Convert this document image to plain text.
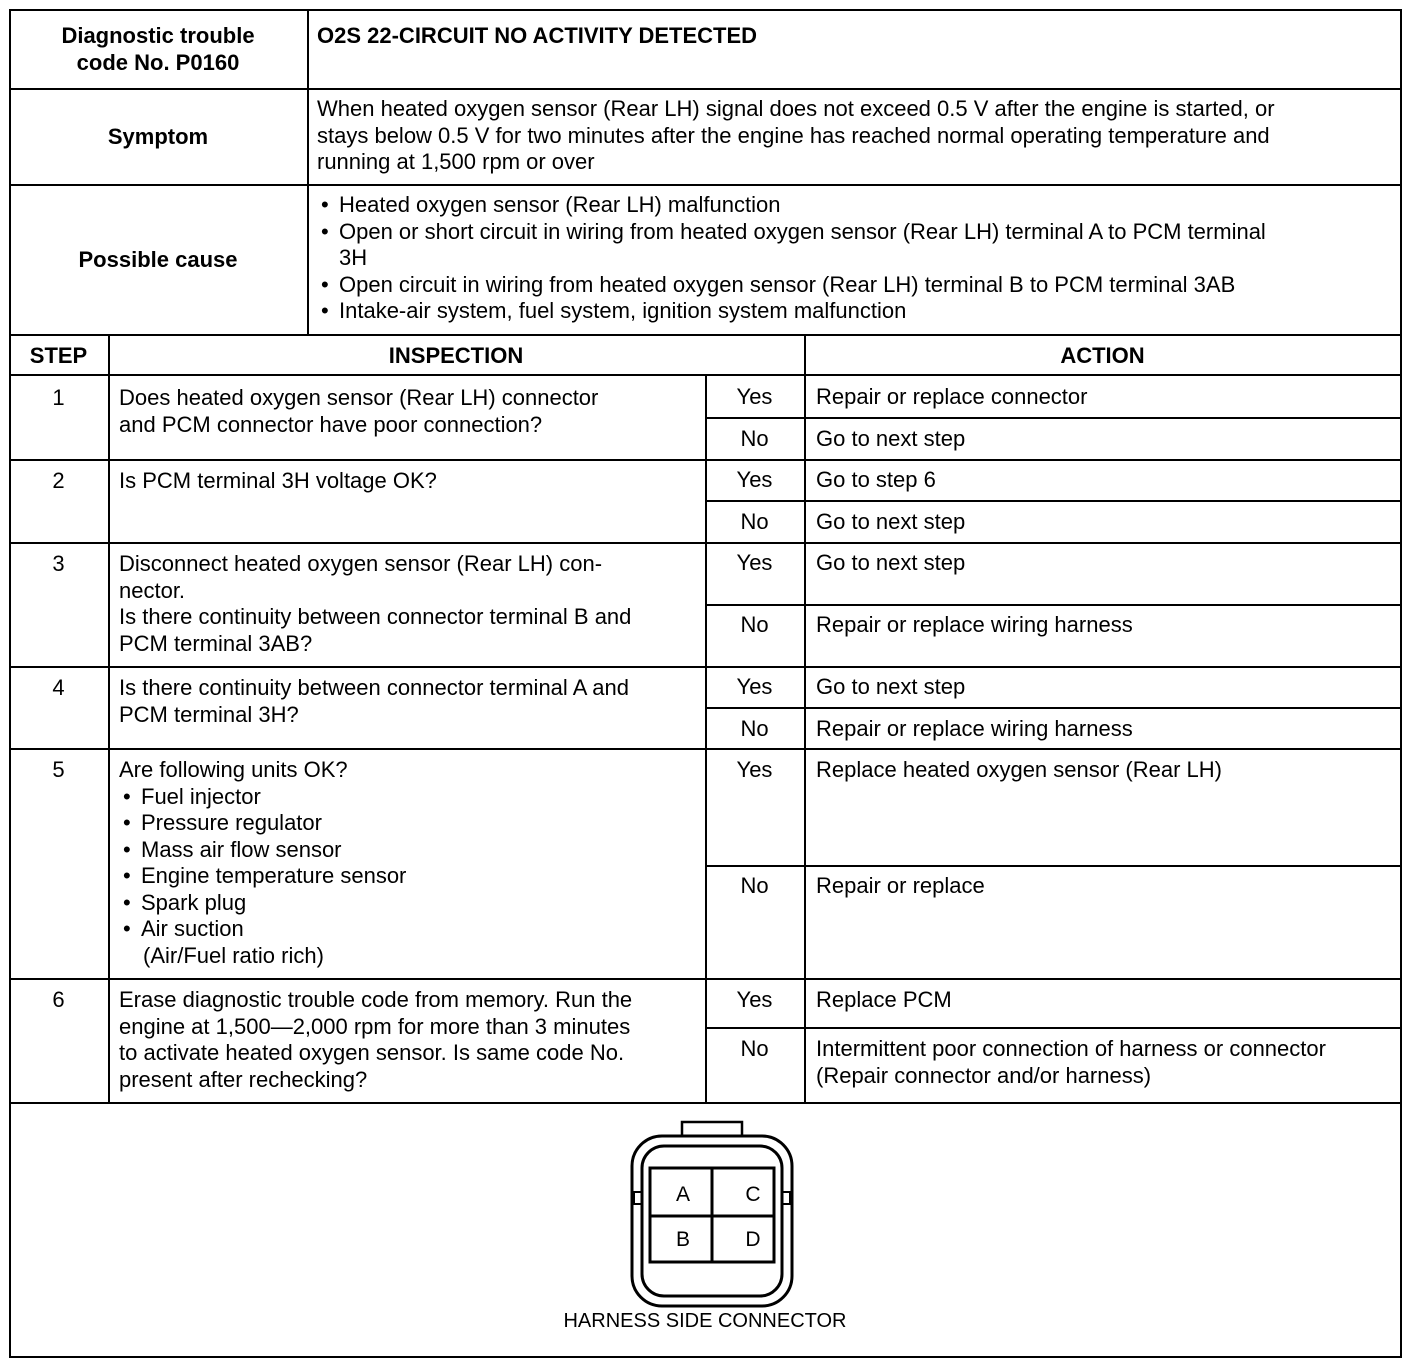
Diagnostic trouble
code No. P0160
O2S 22-CIRCUIT NO ACTIVITY DETECTED
Symptom
When heated oxygen sensor (Rear LH) signal does not exceed 0.5 V after the engine is started, or
stays below 0.5 V for two minutes after the engine has reached normal operating temperature and
running at 1,500 rpm or over
Possible cause
• Heated oxygen sensor (Rear LH) malfunction
• Open or short circuit in wiring from heated oxygen sensor (Rear LH) terminal A to PCM terminal
3H
• Open circuit in wiring from heated oxygen sensor (Rear LH) terminal B to PCM terminal 3AB
• Intake-air system, fuel system, ignition system malfunction
STEP	INSPECTION	ACTION
1	Does heated oxygen sensor (Rear LH) connector
and PCM connector have poor connection?
Yes	Repair or replace connector
No	Go to next step
2	Is PCM terminal 3H voltage OK?	Yes	Go to step 6
No	Go to next step
3	Disconnect heated oxygen sensor (Rear LH) con-
nector.
Is there continuity between connector terminal B and
PCM terminal 3AB?
Yes	Go to next step
No	Repair or replace wiring harness
4	Is there continuity between connector terminal A and
PCM terminal 3H?
Yes	Go to next step
No	Repair or replace wiring harness
5	Are following units OK?
• Fuel injector
• Pressure regulator
• Mass air flow sensor
• Engine temperature sensor
• Spark plug
• Air suction
(Air/Fuel ratio rich)
Yes	Replace heated oxygen sensor (Rear LH)
No	Repair or replace
6	Erase diagnostic trouble code from memory. Run the
engine at 1,500—2,000 rpm for more than 3 minutes
to activate heated oxygen sensor. Is same code No.
present after rechecking?
Yes	Replace PCM
No	Intermittent poor connection of harness or connector
(Repair connector and/or harness)
A	C
B	D
HARNESS SIDE CONNECTOR
